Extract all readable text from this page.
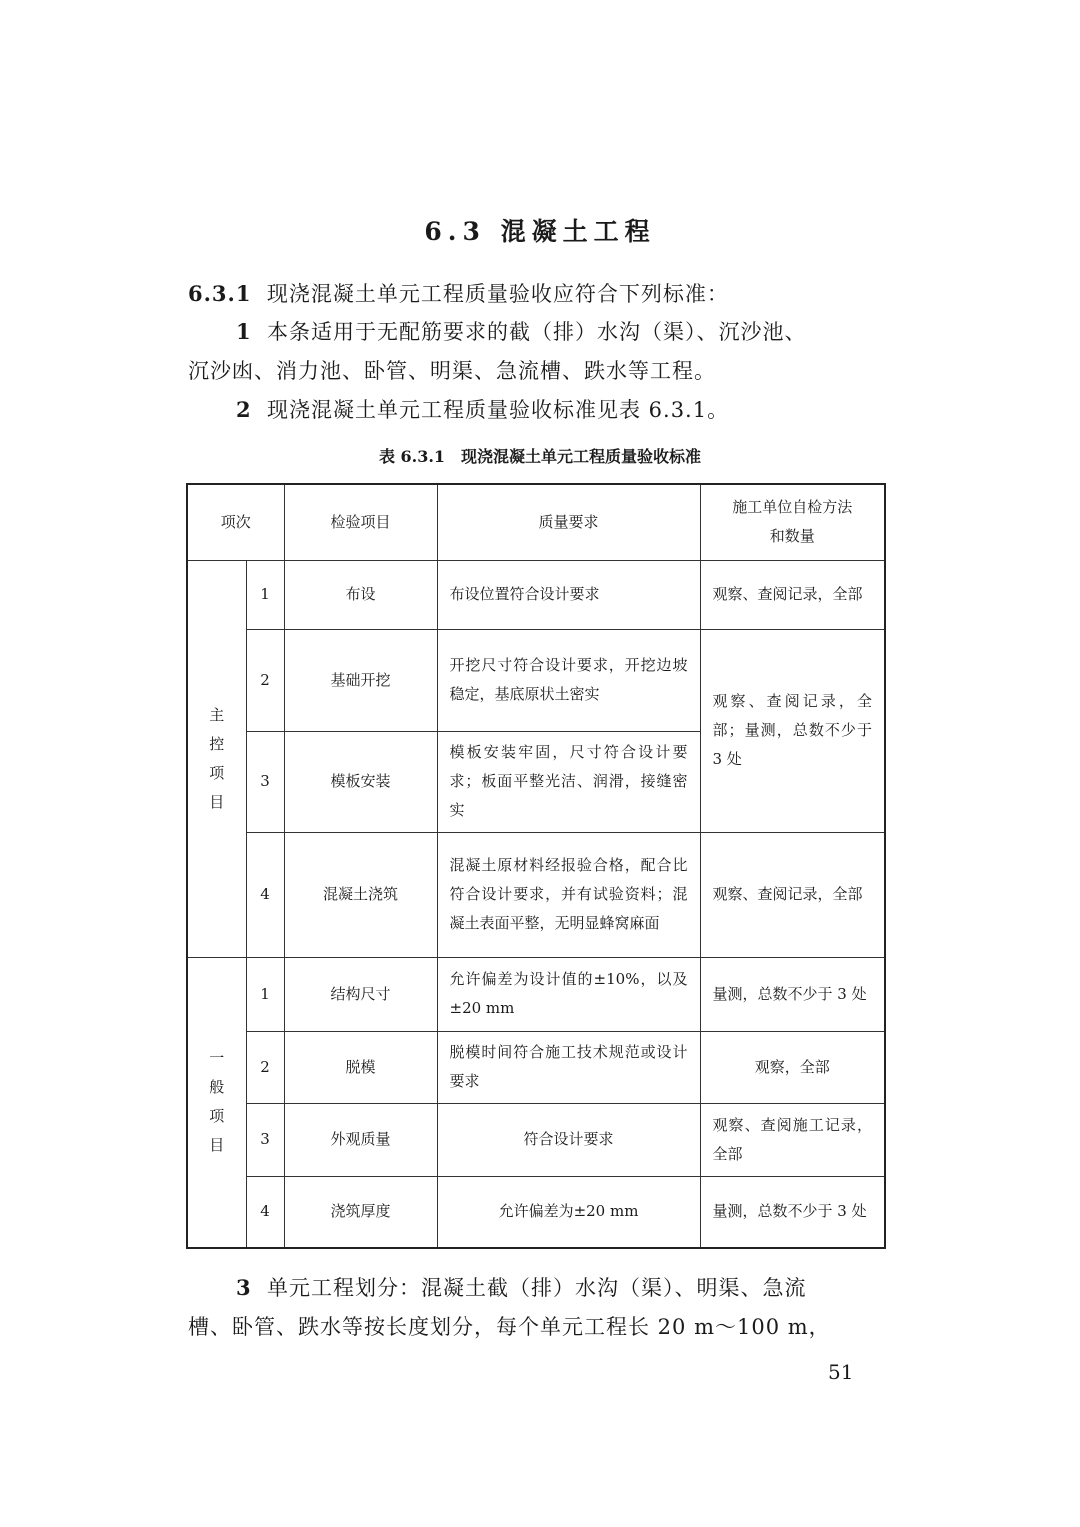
6.3 混凝土工程
6.3.1 现浇混凝土单元工程质量验收应符合下列标准：
1 本条适用于无配筋要求的截（排）水沟（渠）、沉沙池、
沉沙凼、消力池、卧管、明渠、急流槽、跌水等工程。
2 现浇混凝土单元工程质量验收标准见表 6.3.1。
表 6.3.1　现浇混凝土单元工程质量验收标准
项次		检验项目	质量要求	施工单位自检方法和数量
主控项目	1	布设	布设位置符合设计要求	观察、查阅记录，全部
	2	基础开挖	开挖尺寸符合设计要求，开挖边坡稳定，基底原状土密实	观察、查阅记录，全部；量测，总数不少于 3 处
	3	模板安装	模板安装牢固，尺寸符合设计要求；板面平整光洁、润滑，接缝密实	
	4	混凝土浇筑	混凝土原材料经报验合格，配合比符合设计要求，并有试验资料；混凝土表面平整，无明显蜂窝麻面	观察、查阅记录，全部
一般项目	1	结构尺寸	允许偏差为设计值的±10%，以及±20 mm	量测，总数不少于 3 处
	2	脱模	脱模时间符合施工技术规范或设计要求	观察，全部
	3	外观质量	符合设计要求	观察、查阅施工记录，全部
	4	浇筑厚度	允许偏差为±20 mm	量测，总数不少于 3 处
3 单元工程划分：混凝土截（排）水沟（渠）、明渠、急流
槽、卧管、跌水等按长度划分，每个单元工程长 20 m～100 m，
51
